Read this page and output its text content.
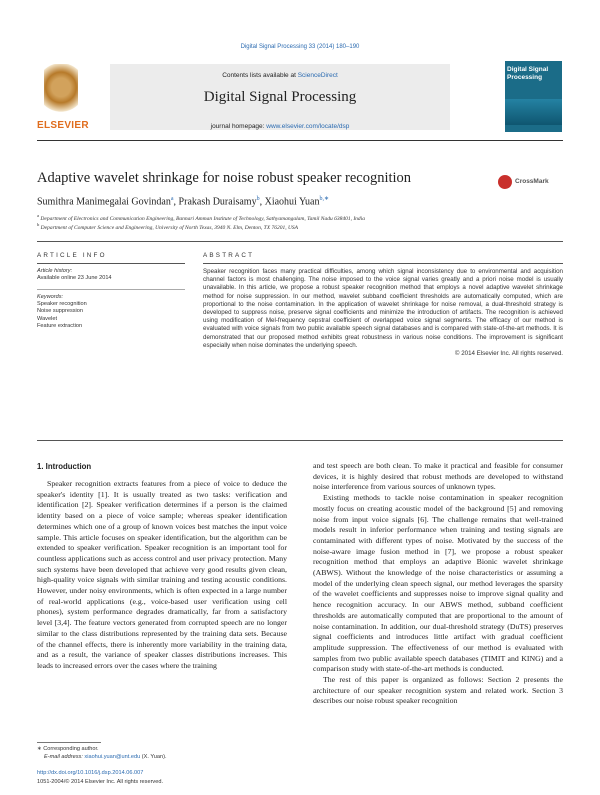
Digital Signal Processing 33 (2014) 180–190
ELSEVIER
Contents lists available at ScienceDirect
Digital Signal Processing
journal homepage: www.elsevier.com/locate/dsp
Digital Signal Processing
Adaptive wavelet shrinkage for noise robust speaker recognition	CrossMark
Sumithra Manimegalai Govindan$^a$, Prakash Duraisamy$^b$, Xiaohui Yuan$^{b,∗}$
$^a$ Department of Electronics and Communication Engineering, Bannari Amman Institute of Technology, Sathyamangalam, Tamil Nadu 638401, India
$^b$ Department of Computer Science and Engineering, University of North Texas, 3940 N. Elm, Denton, TX 76201, USA
ARTICLE INFO	ABSTRACT
Article history:
Available online 23 June 2014
Keywords:
Speaker recognition
Noise suppression
Wavelet
Feature extraction
Speaker recognition faces many practical difficulties, among which signal inconsistency due to environmental and acquisition channel factors is most challenging. The noise imposed to the voice signal varies greatly and a priori noise model is usually unavailable. In this article, we propose a robust speaker recognition method that employs a novel adaptive wavelet shrinkage method for noise suppression. In our method, wavelet subband coefficient thresholds are automatically computed, which are proportional to the noise contamination. In the application of wavelet shrinkage for noise removal, a dual-threshold strategy is developed to suppress noise, preserve signal coefficients and minimize the introduction of artifacts. The recognition is achieved using modification of Mel-frequency cepstral coefficient of overlapped voice signal segments. The efficacy of our method is evaluated with voice signals from two public available speech signal databases and is compared with state-of-the-art methods. It is demonstrated that our proposed method exhibits great robustness in various noise conditions. The improvement is significant especially when noise dominates the underlying speech.
© 2014 Elsevier Inc. All rights reserved.
1. Introduction

Speaker recognition extracts features from a piece of voice to deduce the speaker's identity [1]. It is usually treated as two tasks: verification and identification [2]. Speaker verification determines if a person is the claimed identity based on a piece of voice sample; whereas speaker identification determines which one of a group of known voices best matches the input voice sample. This article focuses on speaker identification, but the algorithm can be extended to speaker verification. Speaker recognition is an important tool for countless applications such as access control and user privacy protection. Many such systems have been developed that achieve very good results given clean, high-quality voice signals with similar training and testing acoustic conditions. However, under noisy environments, which is often expected in a large number of real-world applications (e.g., voice-based user verification using cell phones), system performance degrades dramatically, far from a satisfactory level [3,4]. The feature vectors generated from corrupted speech are no longer similar to the class distributions represented by the training data sets. Because of the channel effects, there is inherently more variability in the training data, and as a result, the variance of speaker classes distributions increases. This leads to increased errors over the cases where the training

and test speech are both clean. To make it practical and feasible for consumer devices, it is highly desired that robust methods are developed to withstand noise interference from various sources of unknown types.

Existing methods to tackle noise contamination in speaker recognition mostly focus on creating acoustic model of the background [5] and removing noise from input voice signals [6]. The challenge remains that well-trained models result in inferior performance when training and testing signals are contaminated with different types of noise. Motivated by the success of the noise-aware image fusion method in [7], we propose a robust speaker recognition method that employs an adaptive Bionic wavelet shrinkage (ABWS). Without the knowledge of the noise characteristics or assuming a model of the underlying clean speech signal, our method leverages the sparsity of the wavelet coefficients and suppresses noise to improve signal quality and hence recognition accuracy. In our ABWS method, subband coefficient thresholds are automatically computed that are proportional to the amount of noise contamination. In addition, our dual-threshold strategy (DuTS) preserves signal coefficients and introduces little artifact with gradual coefficient amplitude suppression. The effectiveness of our method is evaluated with samples from two public available speech databases (TIMIT and KING) and a comparison study with state-of-the-art methods is conducted.

The rest of this paper is organized as follows: Section 2 presents the architecture of our speaker recognition system and related work. Section 3 describes our noise robust speaker recognition

∗ Corresponding author.
E-mail address: xiaohui.yuan@unt.edu (X. Yuan).
http://dx.doi.org/10.1016/j.dsp.2014.06.007
1051-2004/© 2014 Elsevier Inc. All rights reserved.
